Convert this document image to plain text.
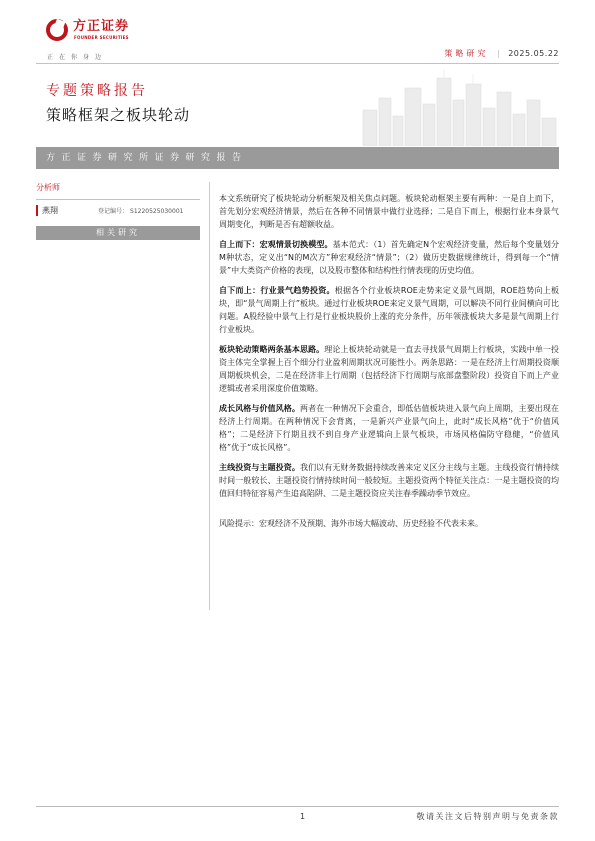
方正证券
FOUNDER SECURITIES
正在你身边	策略研究 | 2025.05.22
专题策略报告
策略框架之板块轮动
方正证券研究所证券研究报告
分析师
燕翔	登记编号： S1220525030001
相关研究

本文系统研究了板块轮动分析框架及相关焦点问题。板块轮动框架主要有两种：一是自上而下，首先划分宏观经济情景，然后在各种不同情景中做行业选择；二是自下而上，根据行业本身景气周期变化，判断是否有超额收益。

自上而下：宏观情景切换模型。基本范式：（1）首先确定N个宏观经济变量，然后每个变量划分M种状态，定义出“N的M次方”种宏观经济“情景”；（2）做历史数据规律统计，得到每一个“情景”中大类资产价格的表现，以及股市整体和结构性行情表现的历史均值。

自下而上：行业景气趋势投资。根据各个行业板块ROE走势来定义景气周期，ROE趋势向上板块，即“景气周期上行”板块。通过行业板块ROE来定义景气周期，可以解决不同行业间横向可比问题。A股经验中景气上行是行业板块股价上涨的充分条件，历年领涨板块大多是景气周期上行行业板块。

板块轮动策略两条基本思路。理论上板块轮动就是一直去寻找景气周期上行板块，实践中单一投资主体完全掌握上百个细分行业盈利周期状况可能性小。两条思路：一是在经济上行周期投资顺周期板块机会，二是在经济非上行周期（包括经济下行周期与底部盘整阶段）投资自下而上产业逻辑或者采用深度价值策略。

成长风格与价值风格。两者在一种情况下会重合，即低估值板块进入景气向上周期，主要出现在经济上行周期。在两种情况下会背离，一是新兴产业景气向上，此时“成长风格”优于“价值风格”；二是经济下行期且找不到自身产业逻辑向上景气板块，市场风格偏防守稳健，“价值风格”优于“成长风格”。

主线投资与主题投资。我们以有无财务数据持续改善来定义区分主线与主题。主线投资行情持续时间一般较长、主题投资行情持续时间一般较短。主题投资两个特征关注点：一是主题投资的均值回归特征容易产生追高陷阱、二是主题投资应关注春季躁动季节效应。

风险提示：宏观经济不及预期、海外市场大幅波动、历史经验不代表未来。

1	敬请关注文后特别声明与免责条款
